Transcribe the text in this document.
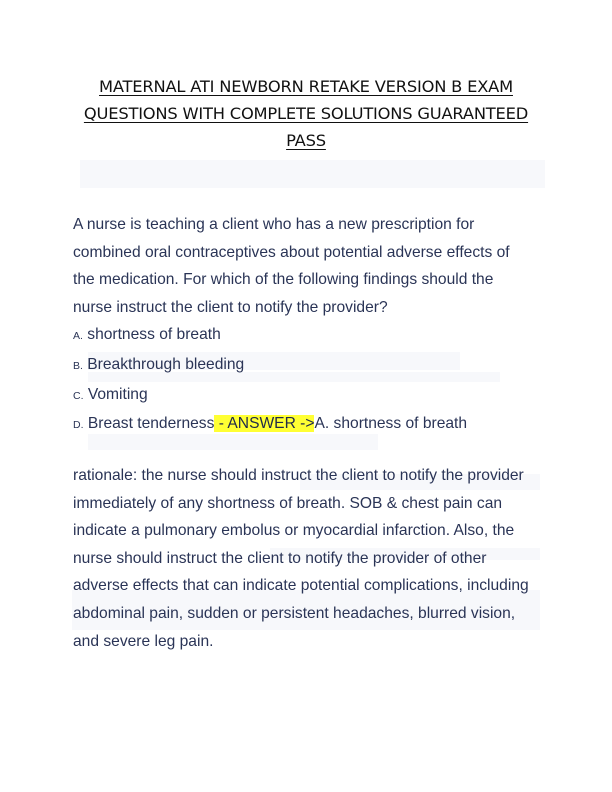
MATERNAL ATI NEWBORN RETAKE VERSION B EXAM
QUESTIONS WITH COMPLETE SOLUTIONS GUARANTEED
PASS
A nurse is teaching a client who has a new prescription for
combined oral contraceptives about potential adverse effects of
the medication. For which of the following findings should the
nurse instruct the client to notify the provider?
A. shortness of breath
B. Breakthrough bleeding
C. Vomiting
D. Breast tenderness - ANSWER ->A. shortness of breath
rationale: the nurse should instruct the client to notify the provider
immediately of any shortness of breath. SOB & chest pain can
indicate a pulmonary embolus or myocardial infarction. Also, the
nurse should instruct the client to notify the provider of other
adverse effects that can indicate potential complications, including
abdominal pain, sudden or persistent headaches, blurred vision,
and severe leg pain.
